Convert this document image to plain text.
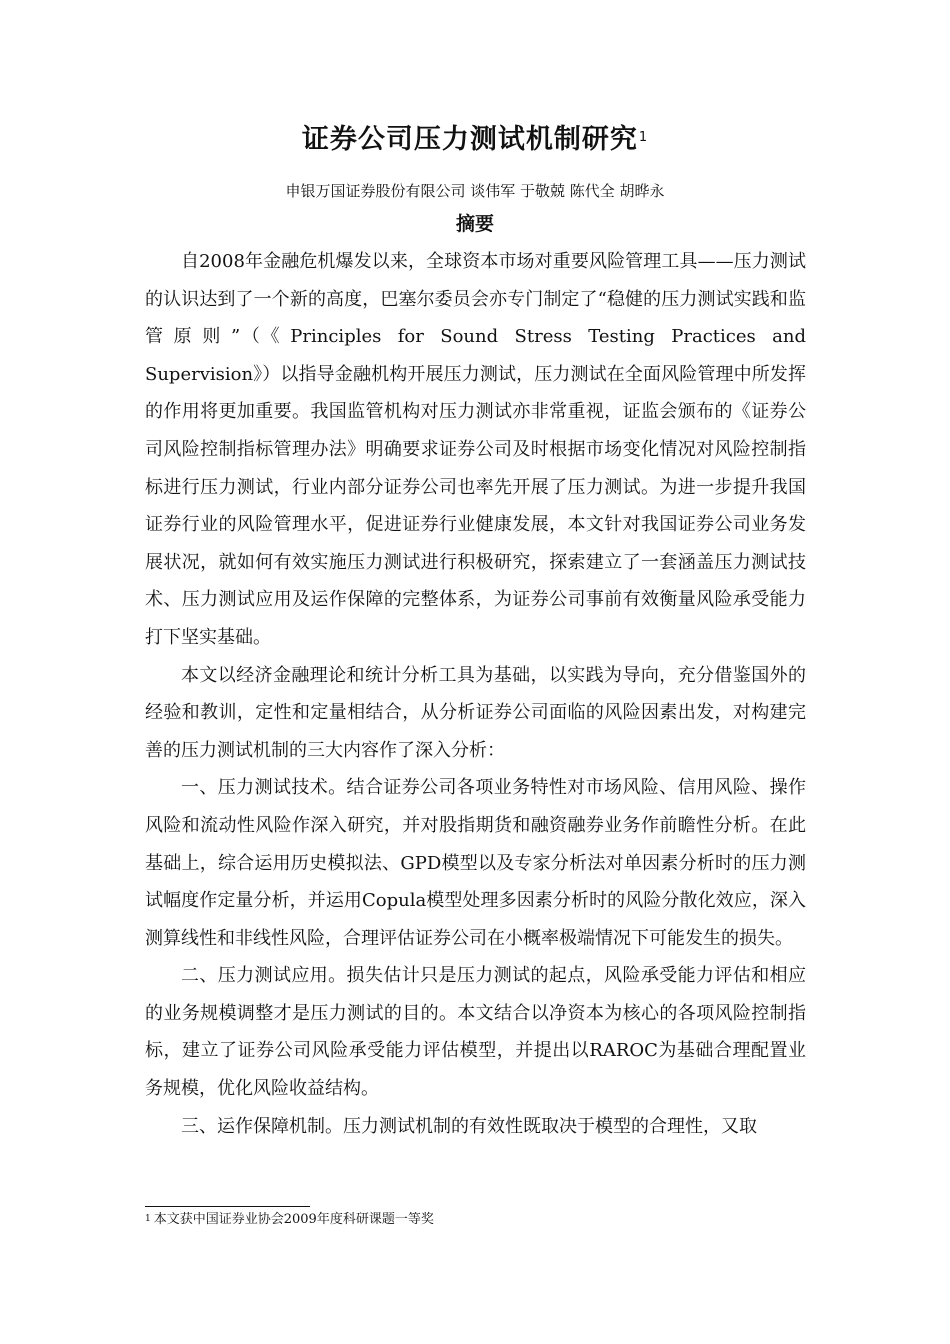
证券公司压力测试机制研究$^1$
申银万国证券股份有限公司 谈伟军 于敬兢 陈代全 胡晔永
摘要

自2008年金融危机爆发以来，全球资本市场对重要风险管理工具——压力测试的认识达到了一个新的高度，巴塞尔委员会亦专门制定了“稳健的压力测试实践和监管原则”（《Principles for Sound Stress Testing Practices and Supervision》）以指导金融机构开展压力测试，压力测试在全面风险管理中所发挥的作用将更加重要。我国监管机构对压力测试亦非常重视，证监会颁布的《证券公司风险控制指标管理办法》明确要求证券公司及时根据市场变化情况对风险控制指标进行压力测试，行业内部分证券公司也率先开展了压力测试。为进一步提升我国证券行业的风险管理水平，促进证券行业健康发展，本文针对我国证券公司业务发展状况，就如何有效实施压力测试进行积极研究，探索建立了一套涵盖压力测试技术、压力测试应用及运作保障的完整体系，为证券公司事前有效衡量风险承受能力打下坚实基础。

本文以经济金融理论和统计分析工具为基础，以实践为导向，充分借鉴国外的经验和教训，定性和定量相结合，从分析证券公司面临的风险因素出发，对构建完善的压力测试机制的三大内容作了深入分析：

一、压力测试技术。结合证券公司各项业务特性对市场风险、信用风险、操作风险和流动性风险作深入研究，并对股指期货和融资融券业务作前瞻性分析。在此基础上，综合运用历史模拟法、GPD模型以及专家分析法对单因素分析时的压力测试幅度作定量分析，并运用Copula模型处理多因素分析时的风险分散化效应，深入测算线性和非线性风险，合理评估证券公司在小概率极端情况下可能发生的损失。

二、压力测试应用。损失估计只是压力测试的起点，风险承受能力评估和相应的业务规模调整才是压力测试的目的。本文结合以净资本为核心的各项风险控制指标，建立了证券公司风险承受能力评估模型，并提出以RAROC为基础合理配置业务规模，优化风险收益结构。

三、运作保障机制。压力测试机制的有效性既取决于模型的合理性，又取

$^1$ 本文获中国证券业协会2009年度科研课题一等奖
